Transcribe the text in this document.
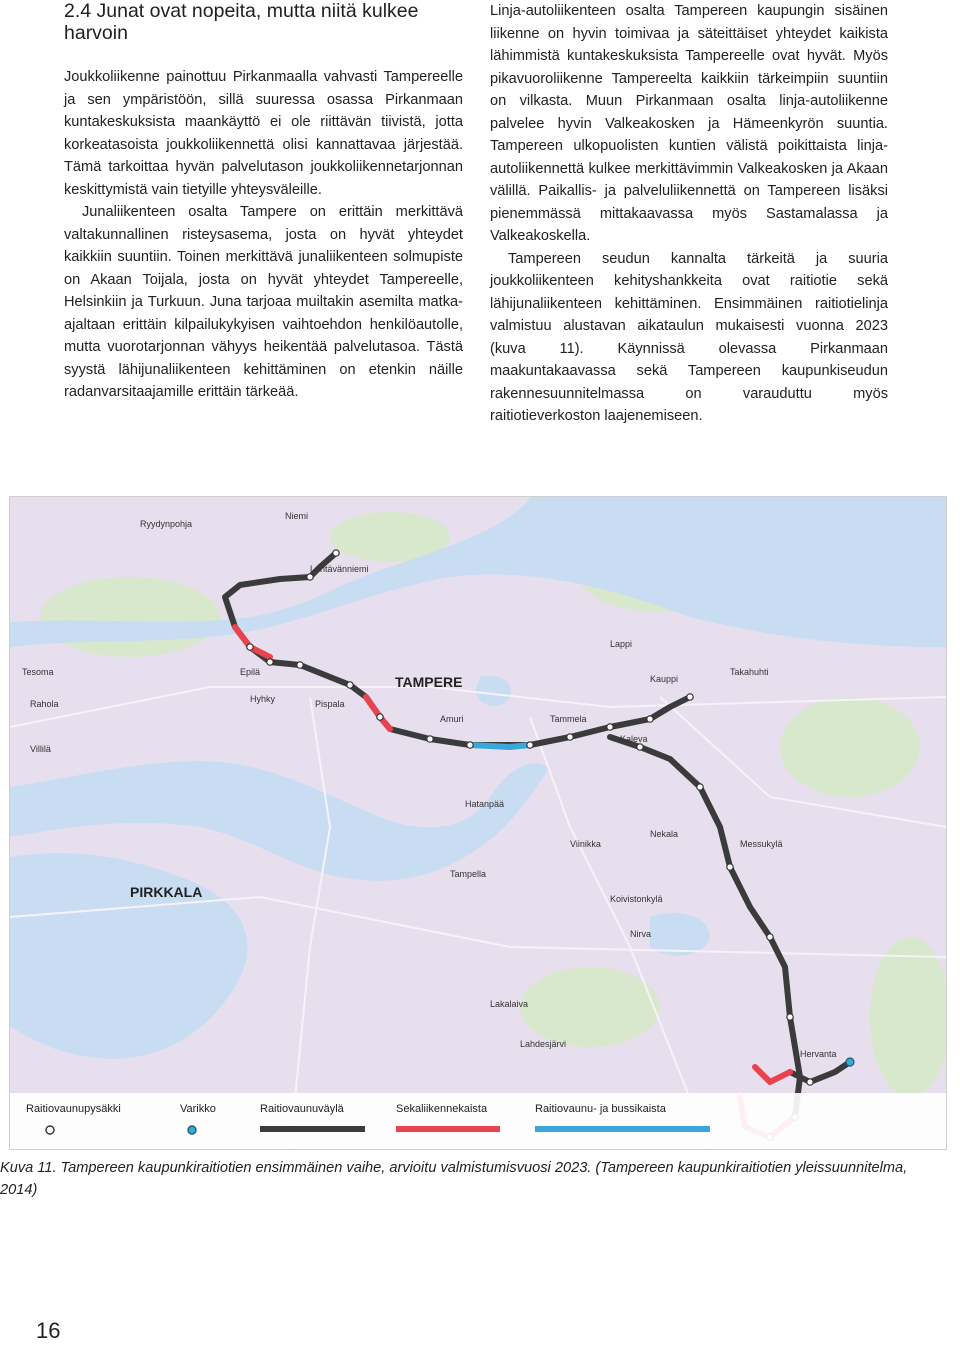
2.4 Junat ovat nopeita, mutta niitä kulkee harvoin

Joukkoliikenne painottuu Pirkanmaalla vahvasti Tampereelle ja sen ympäristöön, sillä suuressa osassa Pirkanmaan kuntakeskuksista maankäyttö ei ole riittävän tiivistä, jotta korkeatasoista joukkoliikennettä olisi kannattavaa järjestää. Tämä tarkoittaa hyvän palvelutason joukkoliikennetarjonnan keskittymistä vain tietyille yhteysväleille.

Junaliikenteen osalta Tampere on erittäin merkittävä valtakunnallinen risteysasema, josta on hyvät yhteydet kaikkiin suuntiin. Toinen merkittävä junaliikenteen solmupiste on Akaan Toijala, josta on hyvät yhteydet Tampereelle, Helsinkiin ja Turkuun. Juna tarjoaa muiltakin asemilta matka-ajaltaan erittäin kilpailukykyisen vaihtoehdon henkilöautolle, mutta vuorotarjonnan vähyys heikentää palvelutasoa. Tästä syystä lähijunaliikenteen kehittäminen on etenkin näille radanvarsitaajamille erittäin tärkeää.

Linja-autoliikenteen osalta Tampereen kaupungin sisäinen liikenne on hyvin toimivaa ja säteittäiset yhteydet kaikista lähimmistä kuntakeskuksista Tampereelle ovat hyvät. Myös pikavuoroliikenne Tampereelta kaikkiin tärkeimpiin suuntiin on vilkasta. Muun Pirkanmaan osalta linja-autoliikenne palvelee hyvin Valkeakosken ja Hämeenkyrön suuntia. Tampereen ulkopuolisten kuntien välistä poikittaista linja-autoliikennettä kulkee merkittävimmin Valkeakosken ja Akaan välillä. Paikallis- ja palveluliikennettä on Tampereen lisäksi pienemmässä mittakaavassa myös Sastamalassa ja Valkeakoskella.

Tampereen seudun kannalta tärkeitä ja suuria joukkoliikenteen kehityshankkeita ovat raitiotie sekä lähijunaliikenteen kehittäminen. Ensimmäinen raitiotielinja valmistuu alustavan aikataulun mukaisesti vuonna 2023 (kuva 11). Käynnissä olevassa Pirkanmaan maakuntakaavassa sekä Tampereen kaupunkiseudun rakennesuunnitelmassa on varauduttu myös raitiotieverkoston laajenemiseen.

Ryydynpohja
Niemi
Lentävänniemi
Tesoma	Epilä
Hyhky	Pispala
TAMPERE
Amuri	Tammela
Kaleva
Kauppi
Takahuhti
Lappi
Hatanpää
Nekala
Messukylä
Viinikka
Koivistonkylä
Nirva
Hervanta
Lakalaiva
Lahdesjärvi
Rahola
Villilä
Tampella
PIRKKALA
Raitiovaunupysäkki	Varikko	Raitiovaunuväylä	Sekaliikennekaista	Raitiovaunu- ja bussikaista
Kuva 11. Tampereen kaupunkiraitiotien ensimmäinen vaihe, arvioitu valmistumisvuosi 2023. (Tampereen kaupunkiraitiotien yleissuunnitelma, 2014)
16
